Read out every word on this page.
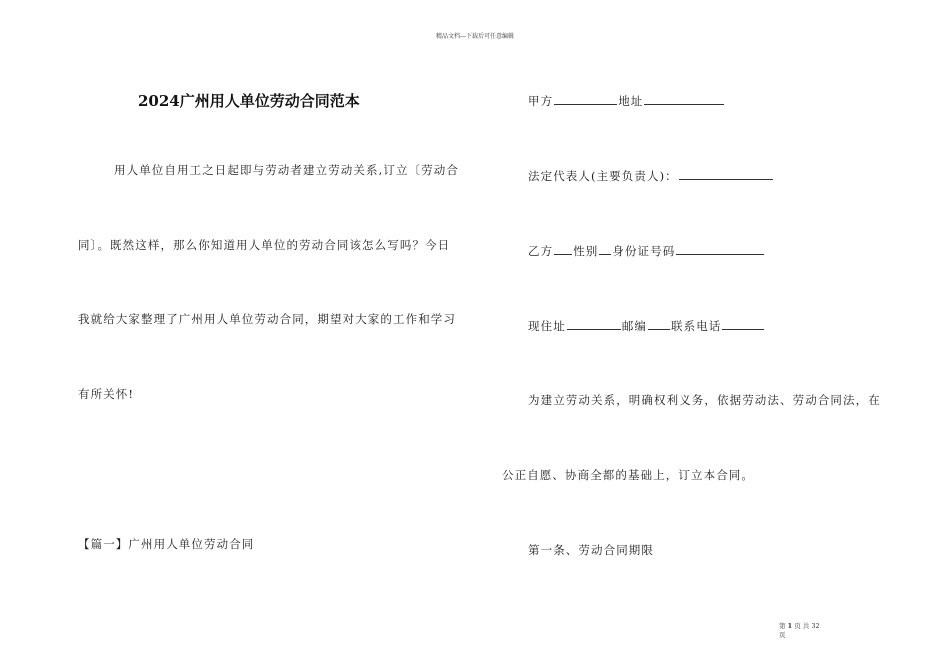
精品文档---下载后可任意编辑
2024广州用人单位劳动合同范本
用人单位自用工之日起即与劳动者建立劳动关系,订立〔劳动合
同〕。既然这样，那么你知道用人单位的劳动合同该怎么写吗？今日
我就给大家整理了广州用人单位劳动合同，期望对大家的工作和学习
有所关怀!
【篇一】广州用人单位劳动合同
甲方	地址
法定代表人(主要负责人)：
乙方 性别 身份证号码
现住址	邮编 联系电话
为建立劳动关系，明确权利义务，依据劳动法、劳动合同法，在
公正自愿、协商全都的基础上，订立本合同。
第一条、劳动合同期限
第 1 页 共 32
页
